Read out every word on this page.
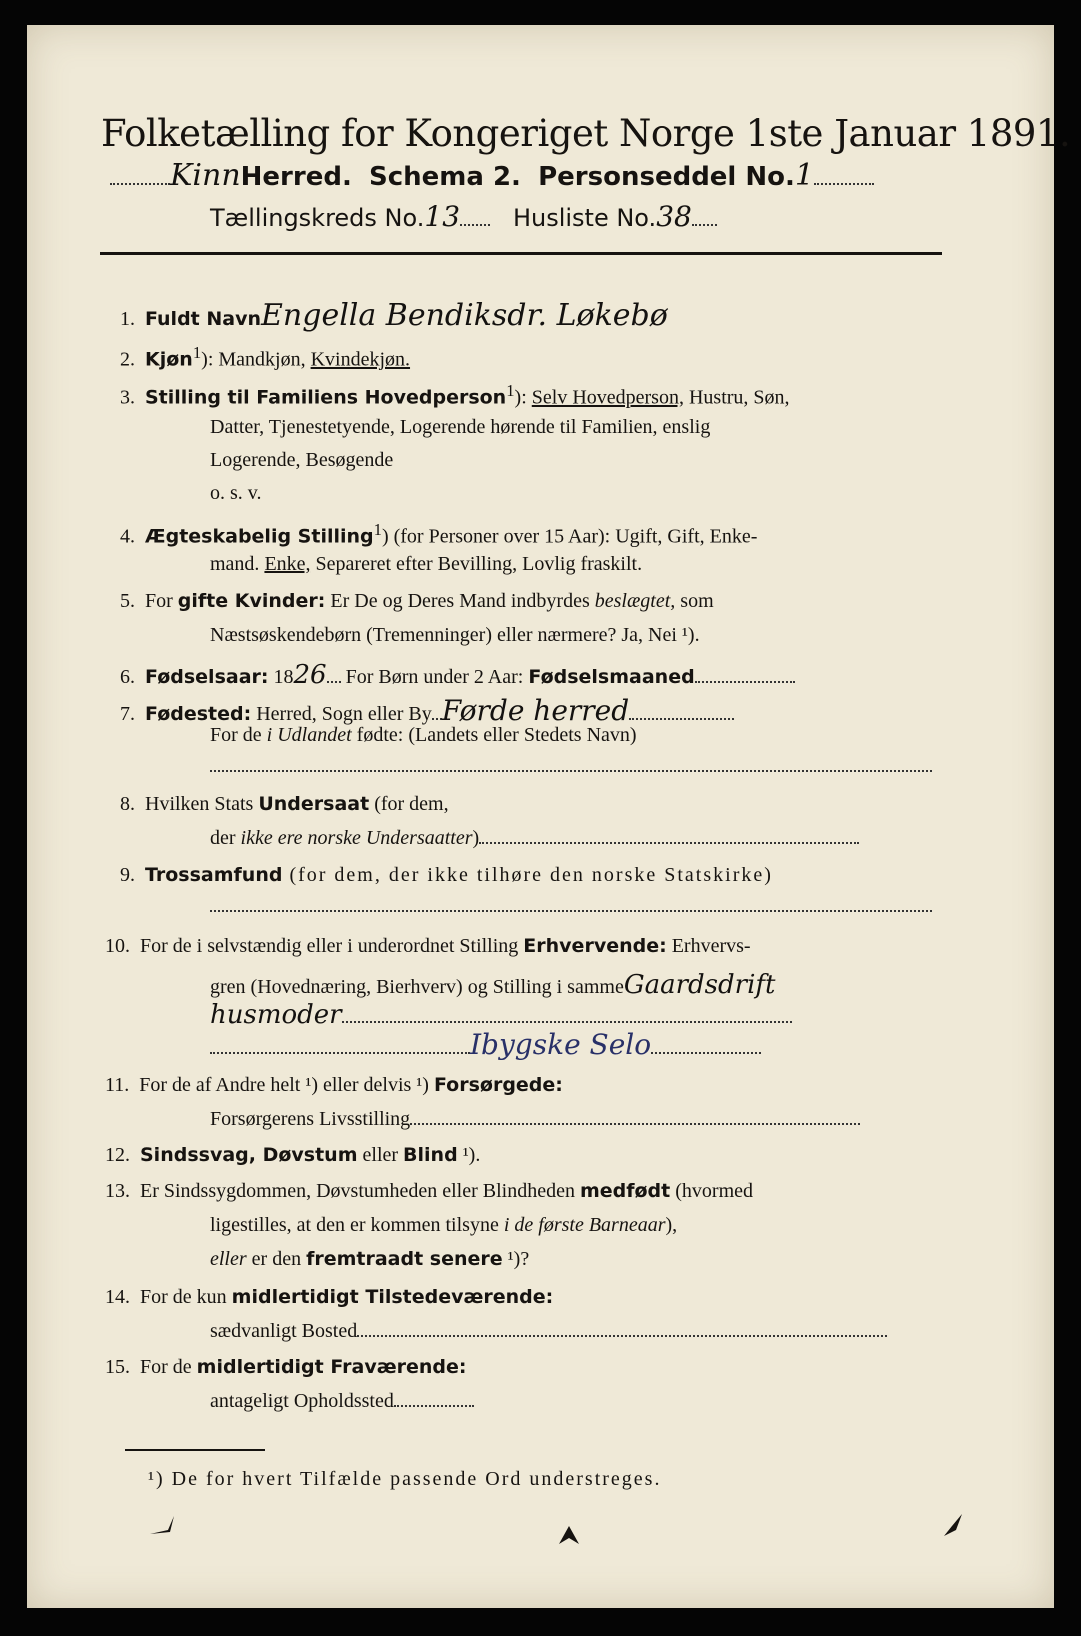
Folketælling for Kongeriget Norge 1ste Januar 1891.
KinnHerred. Schema 2. Personseddel No.1
Tællingskreds No.13 Husliste No.38
1. Fuldt NavnEngella Bendiksdr. Løkebø
2. Kjøn$^1$): Mandkjøn, Kvindekjøn.
3. Stilling til Familiens Hovedperson$^1$): Selv Hovedperson, Hustru, Søn,
Datter, Tjenestetyende, Logerende hørende til Familien, enslig
Logerende, Besøgende
o. s. v.
4. Ægteskabelig Stilling$^1$) (for Personer over 15 Aar): Ugift, Gift, Enke-
mand. Enke, Separeret efter Bevilling, Lovlig fraskilt.
5. For gifte Kvinder: Er De og Deres Mand indbyrdes beslægtet, som
Næstsøskendebørn (Tremenninger) eller nærmere? Ja, Nei ¹).
6. Fødselsaar: 1826 For Børn under 2 Aar: Fødselsmaaned
7. Fødested: Herred, Sogn eller By Førde herred
For de i Udlandet fødte: (Landets eller Stedets Navn)
8. Hvilken Stats Undersaat (for dem,
der ikke ere norske Undersaatter)
9. Trossamfund (for dem, der ikke tilhøre den norske Statskirke)
10. For de i selvstændig eller i underordnet Stilling Erhvervende: Erhvervs-
gren (Hovednæring, Bierhverv) og Stilling i sammeGaardsdrift
husmoder
Ibygske Selo
11. For de af Andre helt ¹) eller delvis ¹) Forsørgede:
Forsørgerens Livsstilling
12. Sindssvag, Døvstum eller Blind ¹).
13. Er Sindssygdommen, Døvstumheden eller Blindheden medfødt (hvormed
ligestilles, at den er kommen tilsyne i de første Barneaar),
eller er den fremtraadt senere ¹)?
14. For de kun midlertidigt Tilstedeværende:
sædvanligt Bosted
15. For de midlertidigt Fraværende:
antageligt Opholdssted
¹) De for hvert Tilfælde passende Ord understreges.
